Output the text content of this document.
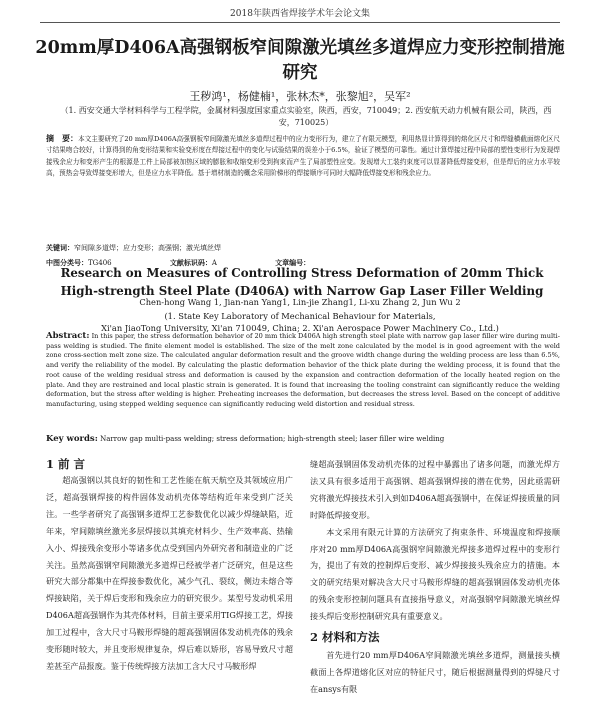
2018年陕西省焊接学术年会论文集
20mm厚D406A高强钢板窄间隙激光填丝多道焊应力变形控制措施研究
王秽鸿¹，杨健楠¹，张林杰*，张黎旭²，吴军²
（1. 西安交通大学材料科学与工程学院，金属材料强度国家重点实验室，陕西，西安，710049；2. 西安航天动力机械有限公司，陕西，西安，710025）
摘　要：本文主要研究了20 mm厚D406A高强钢板窄间隙激光填丝多道焊过程中的应力变形行为，建立了有限元模型，利用热显计算得到的熔化区尺寸和焊缝横截面熔化区尺寸结果吻合较好，计算得到的角变形结果和实验变形度在焊接过程中的变化与试验结果的误差小于6.5%，验证了模型的可靠性。通过计算焊接过程中局部的塑性变形行为发现焊接残余应力和变形产生的根源是工件上局部被加热区域的膨胀和收缩变形受到拘束而产生了局部塑性应变。发现增大工装约束度可以显著降低焊接变形，但是焊后的应力水平较高，预热会导致焊接变形增大，但是应力水平降低。基于增材制造的概念采用阶梯形的焊接顺序可同时大幅降低焊接变形和残余应力。
关键词：窄间隙多道焊；应力变形；高强钢；激光填丝焊
中图分类号：TG406	文献标识码：A	文章编号：
Research on Measures of Controlling Stress Deformation of 20mm Thick High-strength Steel Plate (D406A) with Narrow Gap Laser Filler Welding
Chen-hong Wang 1, Jian-nan Yang1, Lin-jie Zhang1, Li-xu Zhang 2, Jun Wu 2
(1. State Key Laboratory of Mechanical Behaviour for Materials,
Xi'an JiaoTong University, Xi'an 710049, China; 2. Xi'an Aerospace Power Machinery Co., Ltd.)
Abstract: In this paper, the stress deformation behavior of 20 mm thick D406A high strength steel plate with narrow gap laser filler wire during multi-pass welding is studied. The finite element model is established. The size of the melt zone calculated by the model is in good agreement with the weld zone cross-section melt zone size. The calculated angular deformation result and the groove width change during the welding process are less than 6.5%, and verify the reliability of the model. By calculating the plastic deformation behavior of the thick plate during the welding process, it is found that the root cause of the welding residual stress and deformation is caused by the expansion and contraction deformation of the locally heated region on the plate. And they are restrained and local plastic strain is generated. It is found that increasing the tooling constraint can significantly reduce the welding deformation, but the stress after welding is higher. Preheating increases the deformation, but decreases the stress level. Based on the concept of additive manufacturing, using stepped welding sequence can significantly reducing weld distortion and residual stress.
Key words: Narrow gap multi-pass welding; stress deformation; high-strength steel; laser filler wire welding
1 前 言

超高强钢以其良好的韧性和工艺性能在航天航空及其领域应用广泛，超高强钢焊接的构件固体发动机壳体等结构近年来受到广泛关注。一些学者研究了高强钢多道焊工艺参数优化以减少焊缝缺陷，近年来，窄间隙填丝激光多层焊接以其填充材料少、生产效率高、热输入小、焊接残余变形小等诸多优点受到国内外研究者和制造业的广泛关注。虽然高强钢窄间隙激光多道焊已经被学者广泛研究，但是这些研究大部分都集中在焊接参数优化，减少气孔、裂纹，侧边未熔合等焊接缺陷，关于焊后变形和残余应力的研究很少。某型号发动机采用D406A超高强钢作为其壳体材料，目前主要采用TIG焊接工艺，焊接加工过程中，含大尺寸马鞍形焊缝的超高强钢固体发动机壳体的残余变形随时较大，并且变形规律复杂，焊后难以矫形，容易导致尺寸超差甚至产品报废。鉴于传统焊接方法加工含大尺寸马鞍形焊

缝超高强钢固体发动机壳体的过程中暴露出了诸多问题，而激光焊方法又具有很多适用于高强钢、超高强钢焊接的潜在优势，因此亟需研究将激光焊接技术引入到如D406A超高强钢中，在保证焊接质量的同时降低焊接变形。

本文采用有限元计算的方法研究了拘束条件、环境温度和焊接顺序对20 mm厚D406A高强钢窄间隙激光焊接多道焊过程中的变形行为，提出了有效的控制焊后变形、减少焊接接头残余应力的措施。本文的研究结果对解决含大尺寸马鞍形焊缝的超高强钢固体发动机壳体的残余变形控制问题具有直接指导意义，对高强钢窄间隙激光填丝焊接头焊后变形控制研究具有重要意义。

2 材料和方法

首先进行20 mm厚D406A窄间隙激光填丝多道焊，测量接头横截面上各焊道熔化区对应的特征尺寸，随后根据测量得到的焊缝尺寸在ansys有限
